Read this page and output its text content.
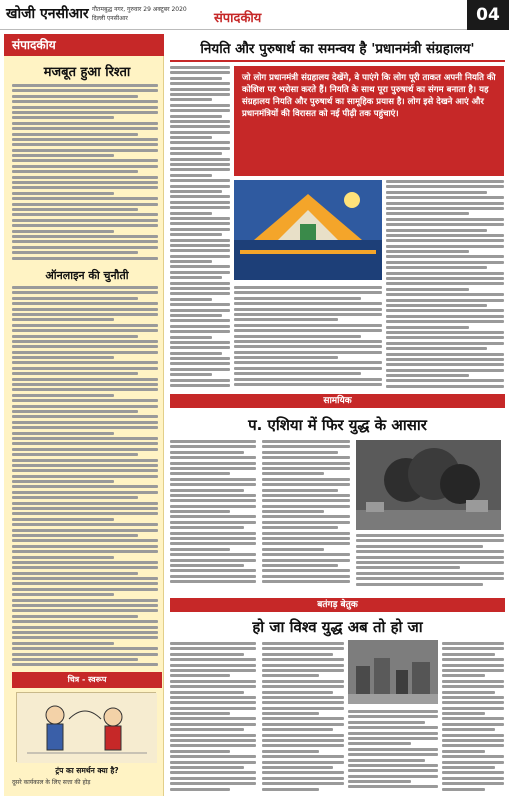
खोजी एनसीआर गौतमबुद्ध नगर, गुरुवार 29 अक्टूबर 2020
दिल्ली एनसीआर	संपादकीय	04
संपादकीय
मजबूत हुआ रिश्ता
ऑनलाइन की चुनौती
चित्र - स्वरूप
ट्रंप का समर्थन क्या है?
दूसरे कार्यकाल के लिए सत्ता की होड़
नियति और पुरुषार्थ का समन्वय है 'प्रधानमंत्री संग्रहालय'
जो लोग प्रधानमंत्री संग्रहालय देखेंगे, वे पाएंगे कि लोग पूरी ताकत अपनी नियति की कोशिश पर भरोसा करते हैं। नियति के साथ पूरा पुरुषार्थ का संगम बनाता है। यह संग्रहालय नियति और पुरुषार्थ का सामूहिक प्रयास है। लोग इसे देखने आएं और प्रधानमंत्रियों की विरासत को नई पीढ़ी तक पहुंचाएं।
सामयिक
प. एशिया में फिर युद्ध के आसार
बतंगड़ बेतुक
हो जा विश्व युद्ध अब तो हो जा
